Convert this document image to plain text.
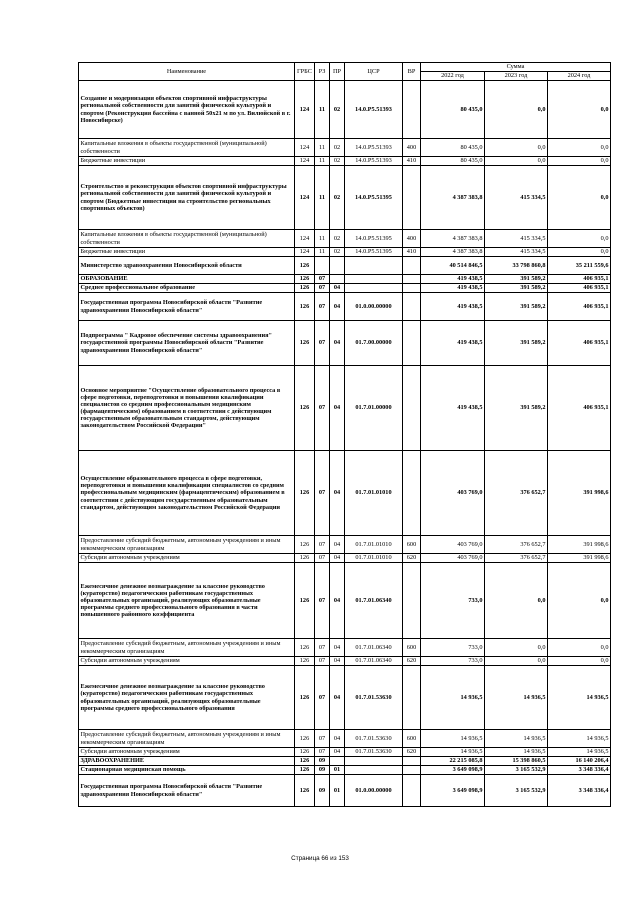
Наименование	ГРБС	РЗ	ПР	ЦСР	ВР	Сумма		
						2022 год	2023 год	2024 год
Создание и модернизация объектов спортивной инфраструктуры региональной собственности для занятий физической культурой и спортом (Реконструкция бассейна с ванной 50х21 м по ул. Вилюйской в г. Новосибирске)	124	11	02	14.0.P5.51393		80 435,0	0,0	0,0
Капитальные вложения в объекты государственной (муниципальной) собственности	124	11	02	14.0.P5.51393	400	80 435,0	0,0	0,0
Бюджетные инвестиции	124	11	02	14.0.P5.51393	410	80 435,0	0,0	0,0
Строительство и реконструкция объектов спортивной инфраструктуры региональной собственности для занятий физической культурой и спортом (Бюджетные инвестиции на строительство региональных спортивных объектов)	124	11	02	14.0.P5.51395		4 387 383,8	415 334,5	0,0
Капитальные вложения в объекты государственной (муниципальной) собственности	124	11	02	14.0.P5.51395	400	4 387 383,8	415 334,5	0,0
Бюджетные инвестиции	124	11	02	14.0.P5.51395	410	4 387 383,8	415 334,5	0,0
Министерство здравоохранения Новосибирской области	126					40 514 846,5	33 798 860,8	35 211 559,6
ОБРАЗОВАНИЕ	126	07				419 438,5	391 589,2	406 935,1
Среднее профессиональное образование	126	07	04			419 438,5	391 589,2	406 935,1
Государственная программа Новосибирской области "Развитие здравоохранения Новосибирской области"	126	07	04	01.0.00.00000		419 438,5	391 589,2	406 935,1
Подпрограмма " Кадровое обеспечение системы здравоохранения" государственной программы Новосибирской области "Развитие здравоохранения Новосибирской области"	126	07	04	01.7.00.00000		419 438,5	391 589,2	406 935,1
Основное мероприятие "Осуществление образовательного процесса в сфере подготовки, переподготовки и повышения квалификации специалистов со средним профессиональным медицинским (фармацевтическим) образованием в соответствии с действующим государственным образовательным стандартом, действующим законодательством Российской Федерации"	126	07	04	01.7.01.00000		419 438,5	391 589,2	406 935,1
Осуществление образовательного процесса в сфере подготовки, переподготовки и повышения квалификации специалистов со средним профессиональным медицинским (фармацевтическим) образованием в соответствии с действующим государственным образовательным стандартом, действующим законодательством Российской Федерации	126	07	04	01.7.01.01010		403 769,0	376 652,7	391 998,6
Предоставление субсидий бюджетным, автономным учреждениям и иным некоммерческим организациям	126	07	04	01.7.01.01010	600	403 769,0	376 652,7	391 998,6
Субсидии автономным учреждениям	126	07	04	01.7.01.01010	620	403 769,0	376 652,7	391 998,6
Ежемесячное денежное вознаграждение за классное руководство (кураторство) педагогическим работникам государственных образовательных организаций, реализующих образовательные программы среднего профессионального образования в части повышенного районного коэффициента	126	07	04	01.7.01.06340		733,0	0,0	0,0
Предоставление субсидий бюджетным, автономным учреждениям и иным некоммерческим организациям	126	07	04	01.7.01.06340	600	733,0	0,0	0,0
Субсидии автономным учреждениям	126	07	04	01.7.01.06340	620	733,0	0,0	0,0
Ежемесячное денежное вознаграждение за классное руководство (кураторство) педагогическим работникам государственных образовательных организаций, реализующих образовательные программы среднего профессионального образования	126	07	04	01.7.01.53630		14 936,5	14 936,5	14 936,5
Предоставление субсидий бюджетным, автономным учреждениям и иным некоммерческим организациям	126	07	04	01.7.01.53630	600	14 936,5	14 936,5	14 936,5
Субсидии автономным учреждениям	126	07	04	01.7.01.53630	620	14 936,5	14 936,5	14 936,5
ЗДРАВООХРАНЕНИЕ	126	09				22 215 085,8	15 398 860,5	16 140 206,4
Стационарная медицинская помощь	126	09	01			3 649 098,9	3 165 532,9	3 348 336,4
Государственная программа Новосибирской области "Развитие здравоохранения Новосибирской области"	126	09	01	01.0.00.00000		3 649 098,9	3 165 532,9	3 348 336,4
Страница 66 из 153
